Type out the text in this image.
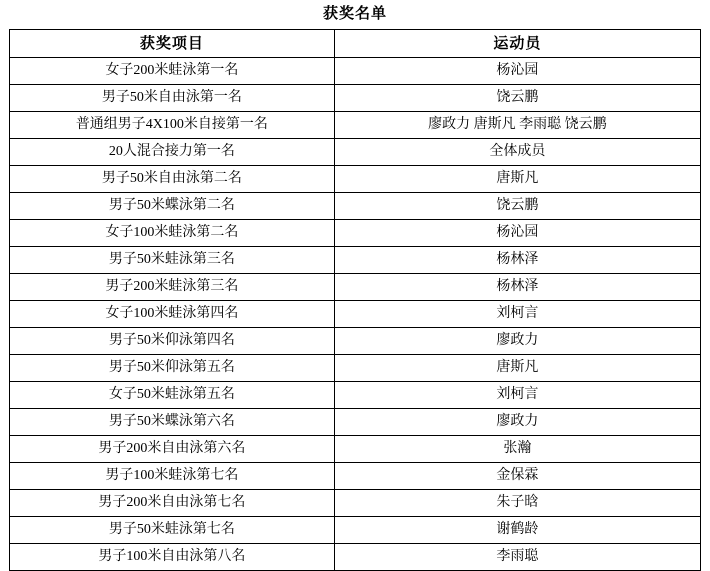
获奖名单
获奖项目	运动员
女子200米蛙泳第一名	杨沁园
男子50米自由泳第一名	饶云鹏
普通组男子4X100米自接第一名	廖政力 唐斯凡 李雨聪 饶云鹏
20人混合接力第一名	全体成员
男子50米自由泳第二名	唐斯凡
男子50米蝶泳第二名	饶云鹏
女子100米蛙泳第二名	杨沁园
男子50米蛙泳第三名	杨林泽
男子200米蛙泳第三名	杨林泽
女子100米蛙泳第四名	刘柯言
男子50米仰泳第四名	廖政力
男子50米仰泳第五名	唐斯凡
女子50米蛙泳第五名	刘柯言
男子50米蝶泳第六名	廖政力
男子200米自由泳第六名	张瀚
男子100米蛙泳第七名	金保霖
男子200米自由泳第七名	朱子晗
男子50米蛙泳第七名	谢鹤龄
男子100米自由泳第八名	李雨聪
